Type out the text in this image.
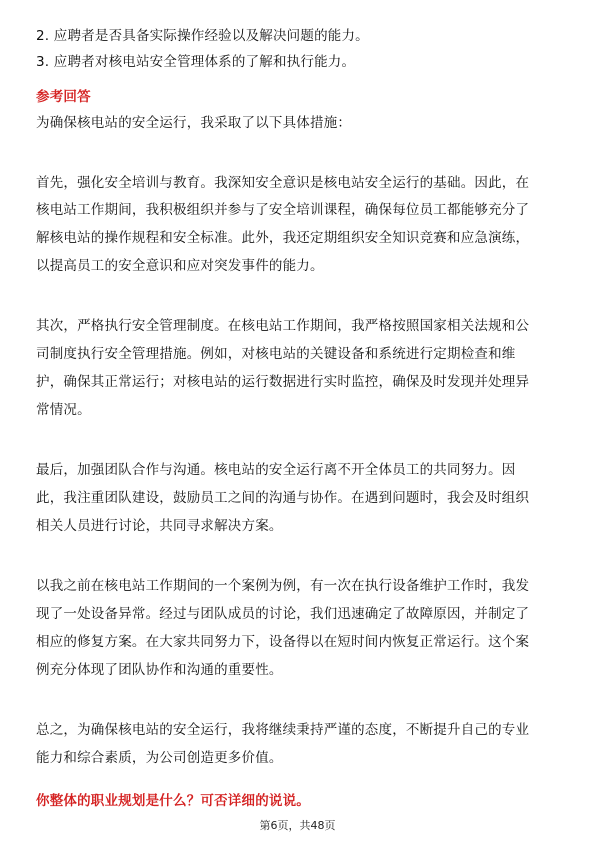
2. 应聘者是否具备实际操作经验以及解决问题的能力。
3. 应聘者对核电站安全管理体系的了解和执行能力。
参考回答
为确保核电站的安全运行，我采取了以下具体措施：
首先，强化安全培训与教育。我深知安全意识是核电站安全运行的基础。因此，在
核电站工作期间，我积极组织并参与了安全培训课程，确保每位员工都能够充分了
解核电站的操作规程和安全标准。此外，我还定期组织安全知识竞赛和应急演练，
以提高员工的安全意识和应对突发事件的能力。
其次，严格执行安全管理制度。在核电站工作期间，我严格按照国家相关法规和公
司制度执行安全管理措施。例如，对核电站的关键设备和系统进行定期检查和维
护，确保其正常运行；对核电站的运行数据进行实时监控，确保及时发现并处理异
常情况。
最后，加强团队合作与沟通。核电站的安全运行离不开全体员工的共同努力。因
此，我注重团队建设，鼓励员工之间的沟通与协作。在遇到问题时，我会及时组织
相关人员进行讨论，共同寻求解决方案。
以我之前在核电站工作期间的一个案例为例，有一次在执行设备维护工作时，我发
现了一处设备异常。经过与团队成员的讨论，我们迅速确定了故障原因，并制定了
相应的修复方案。在大家共同努力下，设备得以在短时间内恢复正常运行。这个案
例充分体现了团队协作和沟通的重要性。
总之，为确保核电站的安全运行，我将继续秉持严谨的态度，不断提升自己的专业
能力和综合素质，为公司创造更多价值。
你整体的职业规划是什么？可否详细的说说。
第6页，共48页
